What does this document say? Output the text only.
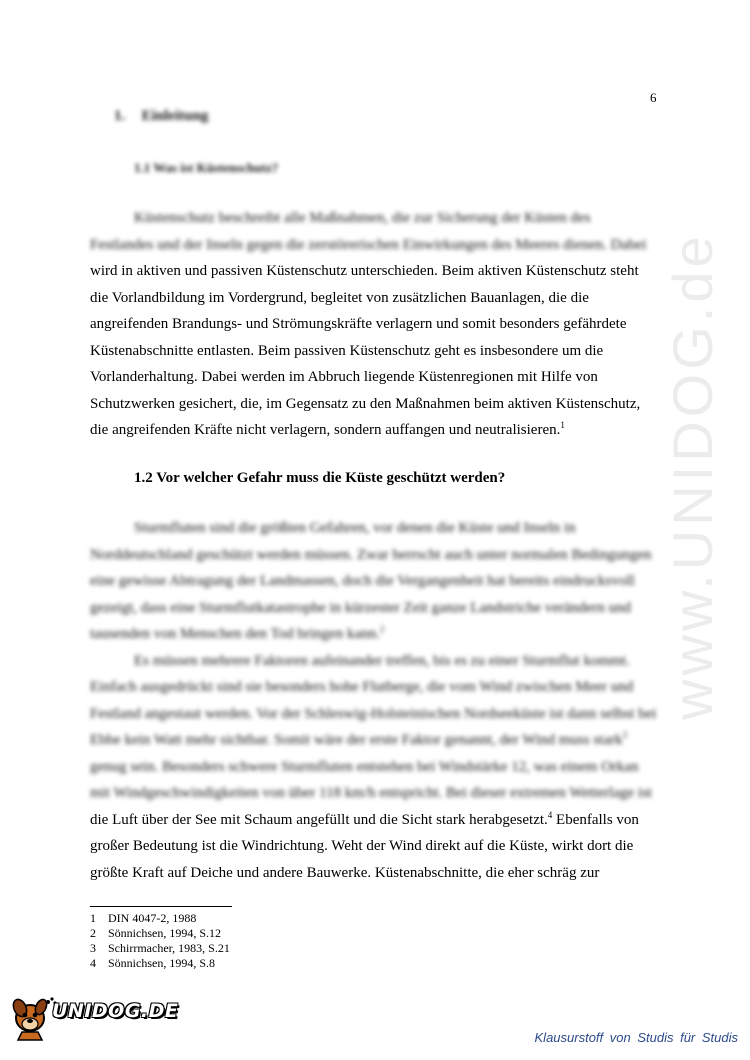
www.UNIDOG.de
6
1. Einleitung
1.1 Was ist Küstenschutz?
Küstenschutz beschreibt alle Maßnahmen, die zur Sicherung der Küsten des
Festlandes und der Inseln gegen die zerstörerischen Einwirkungen des Meeres dienen. Dabei
wird in aktiven und passiven Küstenschutz unterschieden. Beim aktiven Küstenschutz steht
die Vorlandbildung im Vordergrund, begleitet von zusätzlichen Bauanlagen, die die
angreifenden Brandungs- und Strömungskräfte verlagern und somit besonders gefährdete
Küstenabschnitte entlasten. Beim passiven Küstenschutz geht es insbesondere um die
Vorlanderhaltung. Dabei werden im Abbruch liegende Küstenregionen mit Hilfe von
Schutzwerken gesichert, die, im Gegensatz zu den Maßnahmen beim aktiven Küstenschutz,
die angreifenden Kräfte nicht verlagern, sondern auffangen und neutralisieren.$^1$
1.2 Vor welcher Gefahr muss die Küste geschützt werden?
Sturmfluten sind die größten Gefahren, vor denen die Küste und Inseln in
Norddeutschland geschützt werden müssen. Zwar herrscht auch unter normalen Bedingungen
eine gewisse Abtragung der Landmassen, doch die Vergangenheit hat bereits eindrucksvoll
gezeigt, dass eine Sturmflutkatastrophe in kürzester Zeit ganze Landstriche verändern und
tausenden von Menschen den Tod bringen kann.$^2$
Es müssen mehrere Faktoren aufeinander treffen, bis es zu einer Sturmflut kommt.
Einfach ausgedrückt sind sie besonders hohe Flutberge, die vom Wind zwischen Meer und
Festland angestaut werden. Vor der Schleswig-Holsteinischen Nordseeküste ist dann selbst bei
Ebbe kein Watt mehr sichtbar. Somit wäre der erste Faktor genannt, der Wind muss stark$^3$
genug sein. Besonders schwere Sturmfluten entstehen bei Windstärke 12, was einem Orkan
mit Windgeschwindigkeiten von über 118 km/h entspricht. Bei dieser extremen Wetterlage ist
die Luft über der See mit Schaum angefüllt und die Sicht stark herabgesetzt.$^4$ Ebenfalls von
großer Bedeutung ist die Windrichtung. Weht der Wind direkt auf die Küste, wirkt dort die
größte Kraft auf Deiche und andere Bauwerke. Küstenabschnitte, die eher schräg zur
1 DIN 4047-2, 1988
2 Sönnichsen, 1994, S.12
3 Schirrmacher, 1983, S.21
4 Sönnichsen, 1994, S.8
UNIDOG.DE
Klausurstoff von Studis für Studis
